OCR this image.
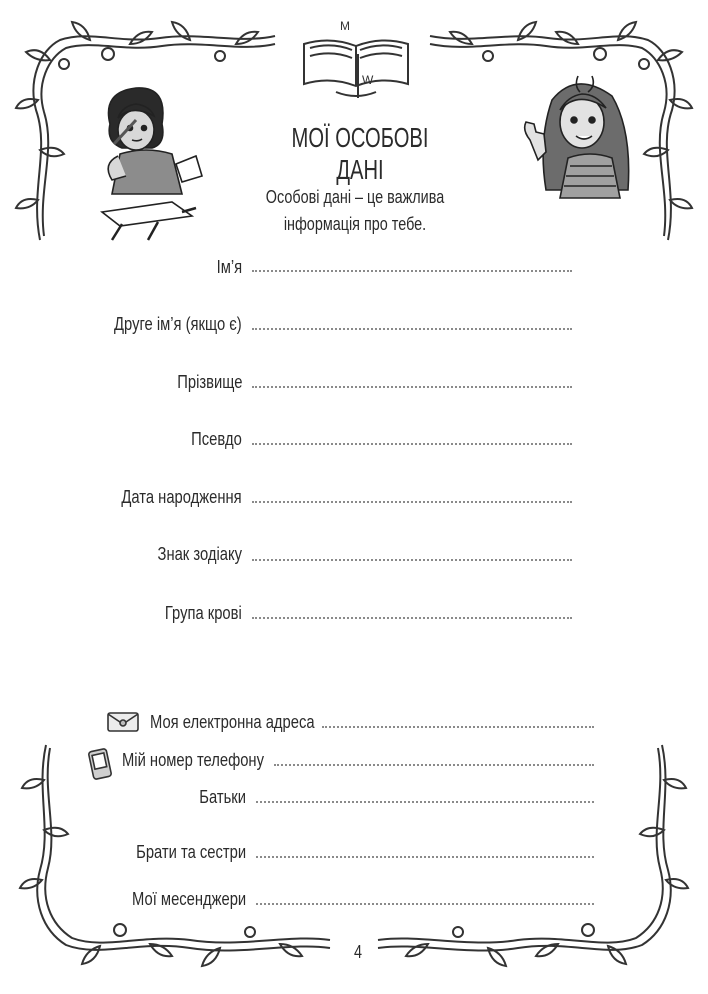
M
W
МОЇ ОСОБОВІ ДАНІ
Особові дані – це важлива
інформація про тебе.
Ім’я
Друге ім’я (якщо є)
Прізвище
Псевдо
Дата народження
Знак зодіаку
Група крові
Моя електронна адреса
Мій номер телефону
Батьки
Брати та сестри
Мої месенджери
4
